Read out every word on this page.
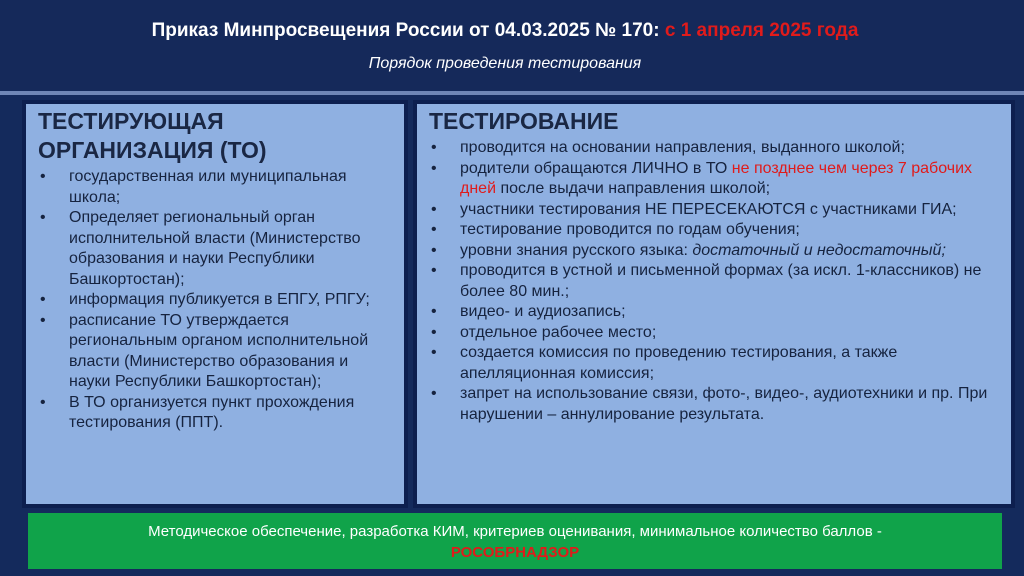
Приказ Минпросвещения России от 04.03.2025 № 170: с 1 апреля 2025 года
Порядок проведения тестирования
ТЕСТИРУЮЩАЯ ОРГАНИЗАЦИЯ (ТО)
• государственная или муниципальная школа;
• Определяет региональный орган исполнительной власти (Министерство образования и науки Республики Башкортостан);
• информация публикуется в ЕПГУ, РПГУ;
• расписание ТО утверждается региональным органом исполнительной власти (Министерство образования и науки Республики Башкортостан);
• В ТО организуется пункт прохождения тестирования (ППТ).
ТЕСТИРОВАНИЕ
• проводится на основании направления, выданного школой;
• родители обращаются ЛИЧНО в ТО не позднее чем через 7 рабочих дней после выдачи направления школой;
• участники тестирования НЕ ПЕРЕСЕКАЮТСЯ с участниками ГИА;
• тестирование проводится по годам обучения;
• уровни знания русского языка: достаточный и недостаточный;
• проводится в устной и письменной формах (за искл. 1-классников) не более 80 мин.;
• видео- и аудиозапись;
• отдельное рабочее место;
• создается комиссия по проведению тестирования, а также апелляционная комиссия;
• запрет на использование связи, фото-, видео-, аудиотехники и пр. При нарушении – аннулирование результата.
Методическое обеспечение, разработка КИМ, критериев оценивания, минимальное количество баллов -
РОСОБРНАДЗОР
